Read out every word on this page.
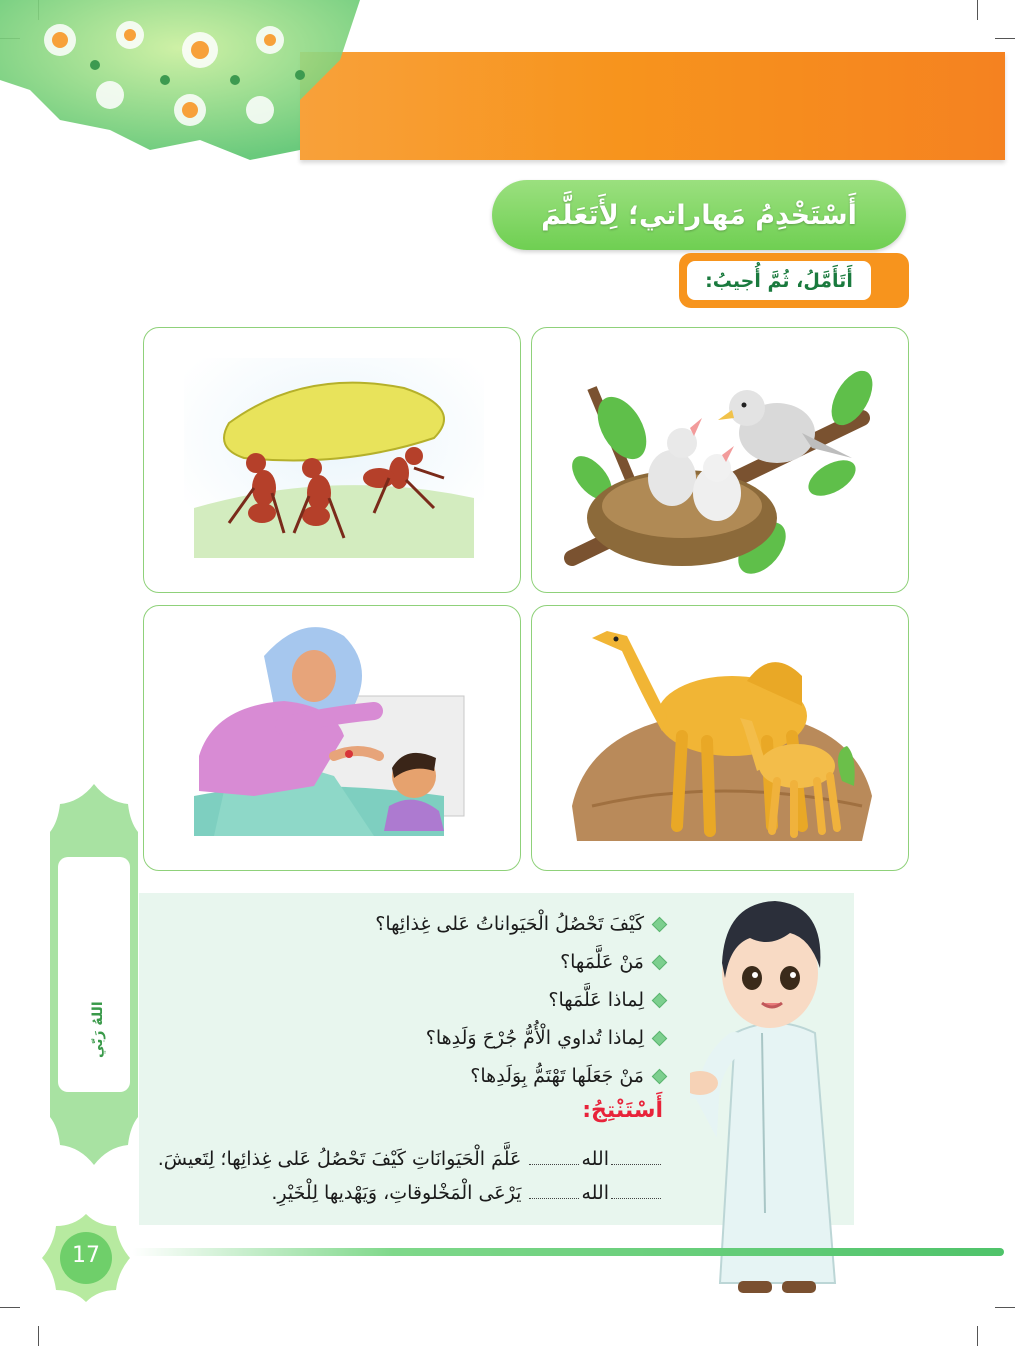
أَسْتَخْدِمُ مَهاراتي؛ لِأَتَعَلَّمَ
أَتَأَمَّلُ، ثُمَّ أُجيبُ:
اللهُ رَبّي
كَيْفَ تَحْصُلُ الْحَيَواناتُ عَلى غِذائِها؟
مَنْ عَلَّمَها؟
لِماذا عَلَّمَها؟
لِماذا تُداوي الْأُمُّ جُرْحَ وَلَدِها؟
مَنْ جَعَلَها تَهْتَمُّ بِوَلَدِها؟
أَسْتَنْتِجُ:
الله عَلَّمَ الْحَيَوانَاتِ كَيْفَ تَحْصُلُ عَلى غِذائِها؛ لِتَعيشَ.
الله يَرْعَى الْمَخْلوقاتِ، وَيَهْديها لِلْخَيْرِ.
17
